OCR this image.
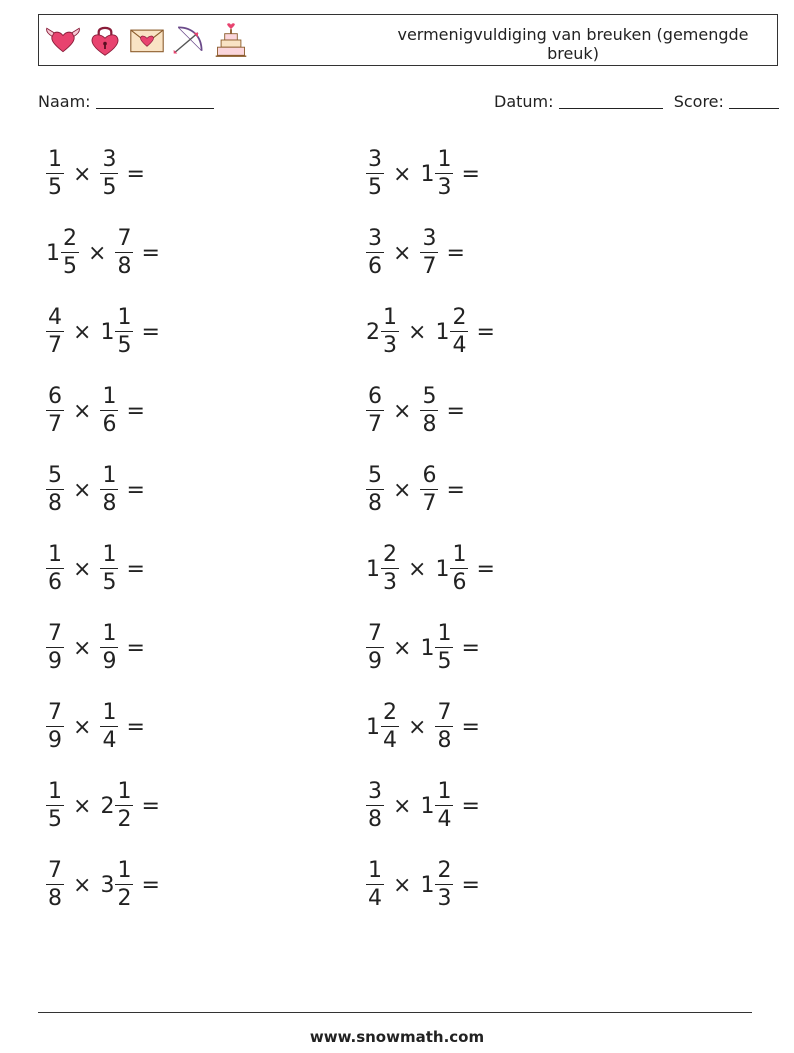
vermenigvuldiging van breuken (gemengde breuk)
Naam:	Datum:	Score:
$\frac{1}{5} \times \frac{3}{5}$ =
$1 \frac{2}{5} \times \frac{7}{8}$ =
$\frac{4}{7} \times 1 \frac{1}{5}$ =
$\frac{6}{7} \times \frac{1}{6}$ =
$\frac{5}{8} \times \frac{1}{8}$ =
$\frac{1}{6} \times \frac{1}{5}$ =
$\frac{7}{9} \times \frac{1}{9}$ =
$\frac{7}{9} \times \frac{1}{4}$ =
$\frac{1}{5} \times 2 \frac{1}{2}$ =
$\frac{7}{8} \times 3 \frac{1}{2}$ =
$\frac{3}{5} \times 1 \frac{1}{3}$ =
$\frac{3}{6} \times \frac{3}{7}$ =
$2 \frac{1}{3} \times 1 \frac{2}{4}$ =
$\frac{6}{7} \times \frac{5}{8}$ =
$\frac{5}{8} \times \frac{6}{7}$ =
$1 \frac{2}{3} \times 1 \frac{1}{6}$ =
$\frac{7}{9} \times 1 \frac{1}{5}$ =
$1 \frac{2}{4} \times \frac{7}{8}$ =
$\frac{3}{8} \times 1 \frac{1}{4}$ =
$\frac{1}{4} \times 1 \frac{2}{3}$ =
www.snowmath.com
